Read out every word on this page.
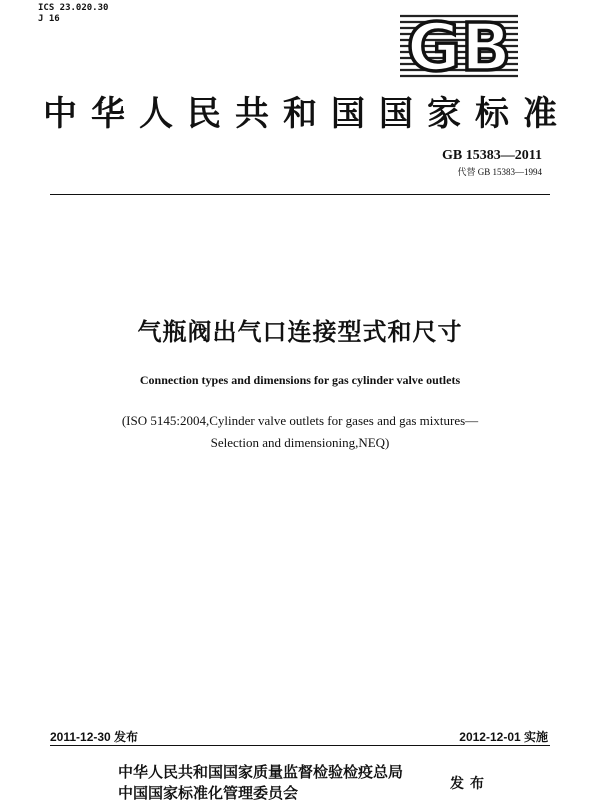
ICS 23.020.30
J 16	GB
中华人民共和国国家标准
GB 15383—2011
代替 GB 15383—1994
气瓶阀出气口连接型式和尺寸
Connection types and dimensions for gas cylinder valve outlets
(ISO 5145:2004,Cylinder valve outlets for gases and gas mixtures—
Selection and dimensioning,NEQ)
2011-12-30 发布	2012-12-01 实施
中华人民共和国国家质量监督检验检疫总局
中国国家标准化管理委员会	发布
